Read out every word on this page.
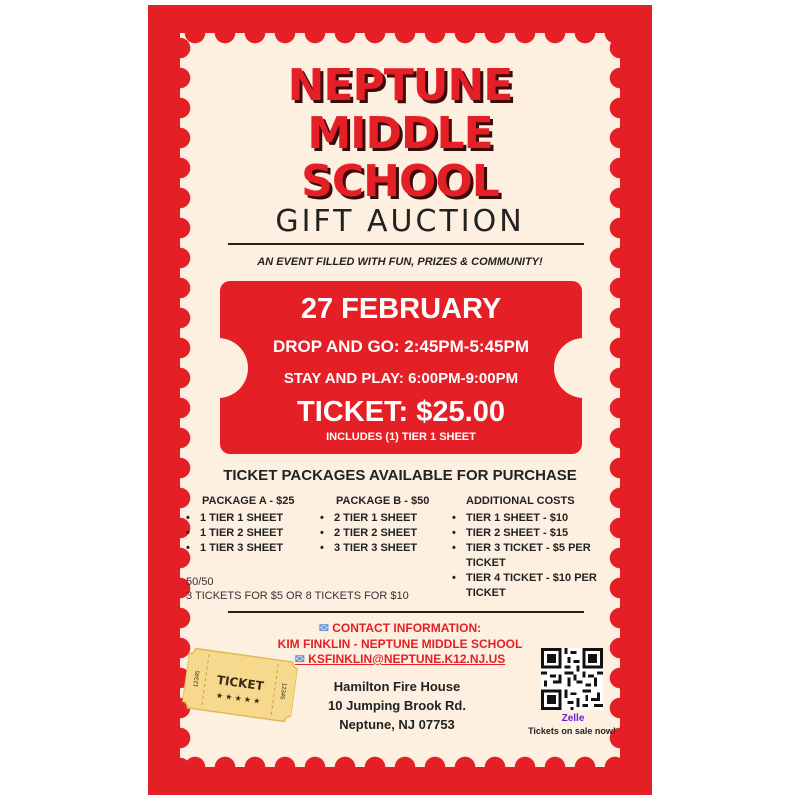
NEPTUNE
MIDDLE
SCHOOL
GIFT AUCTION
AN EVENT FILLED WITH FUN, PRIZES & COMMUNITY!
27 FEBRUARY
DROP AND GO: 2:45PM-5:45PM
STAY AND PLAY: 6:00PM-9:00PM
TICKET: $25.00
INCLUDES (1) TIER 1 SHEET
TICKET PACKAGES AVAILABLE FOR PURCHASE
PACKAGE A - $25
• 1 TIER 1 SHEET
• 1 TIER 2 SHEET
• 1 TIER 3 SHEET
PACKAGE B - $50
• 2 TIER 1 SHEET
• 2 TIER 2 SHEET
• 3 TIER 3 SHEET
ADDITIONAL COSTS
• TIER 1 SHEET - $10
• TIER 2 SHEET - $15
• TIER 3 TICKET - $5 PER TICKET
• TIER 4 TICKET - $10 PER TICKET
50/50
3 TICKETS FOR $5 OR 8 TICKETS FOR $10
✉ CONTACT INFORMATION:
KIM FINKLIN - NEPTUNE MIDDLE SCHOOL
✉ KSFINKLIN@NEPTUNE.K12.NJ.US
TICKET
★ ★ ★ ★ ★
12345
12345	Hamilton Fire House
10 Jumping Brook Rd.
Neptune, NJ 07753	Zelle
Tickets on sale now!
